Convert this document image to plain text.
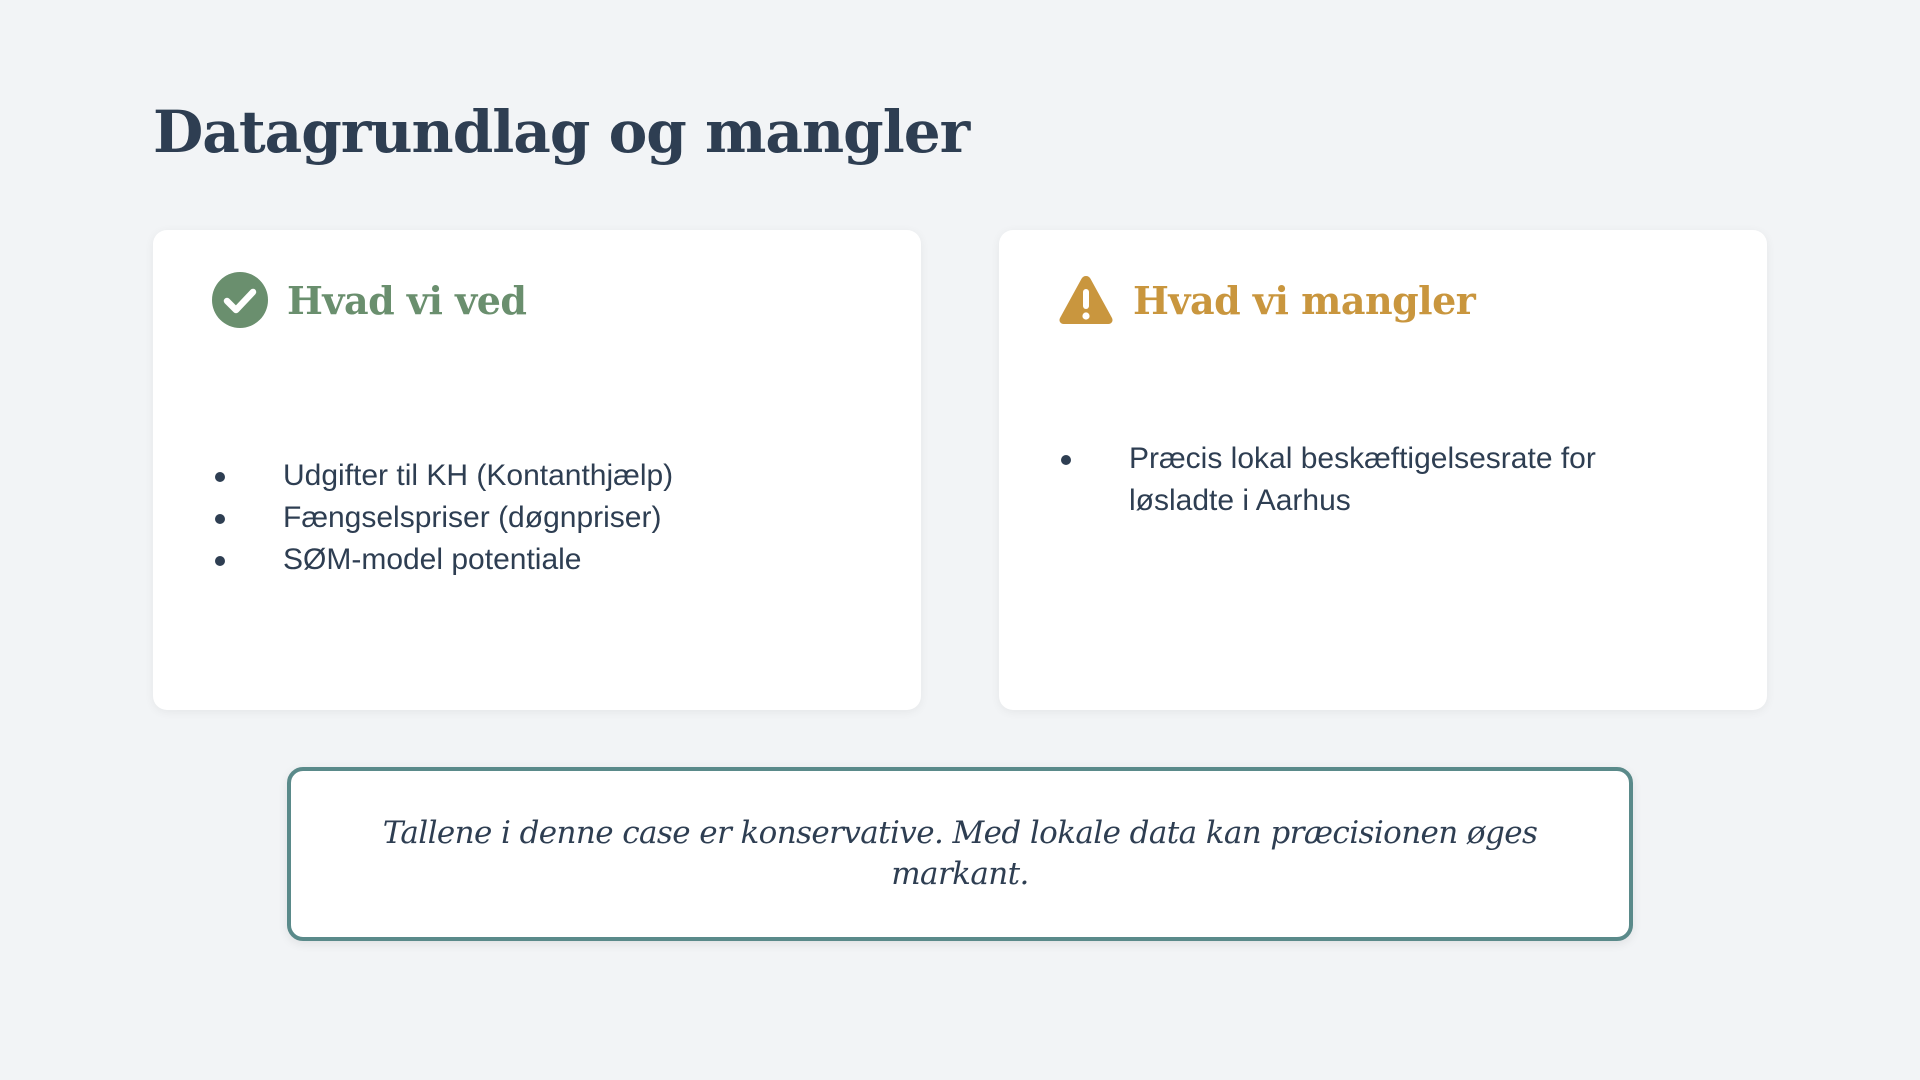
Datagrundlag og mangler
Hvad vi ved
Udgifter til KH (Kontanthjælp)
Fængselspriser (døgnpriser)
SØM-model potentiale
Hvad vi mangler
Præcis lokal beskæftigelsesrate for løsladte i Aarhus

Tallene i denne case er konservative. Med lokale data kan præcisionen øges markant.
